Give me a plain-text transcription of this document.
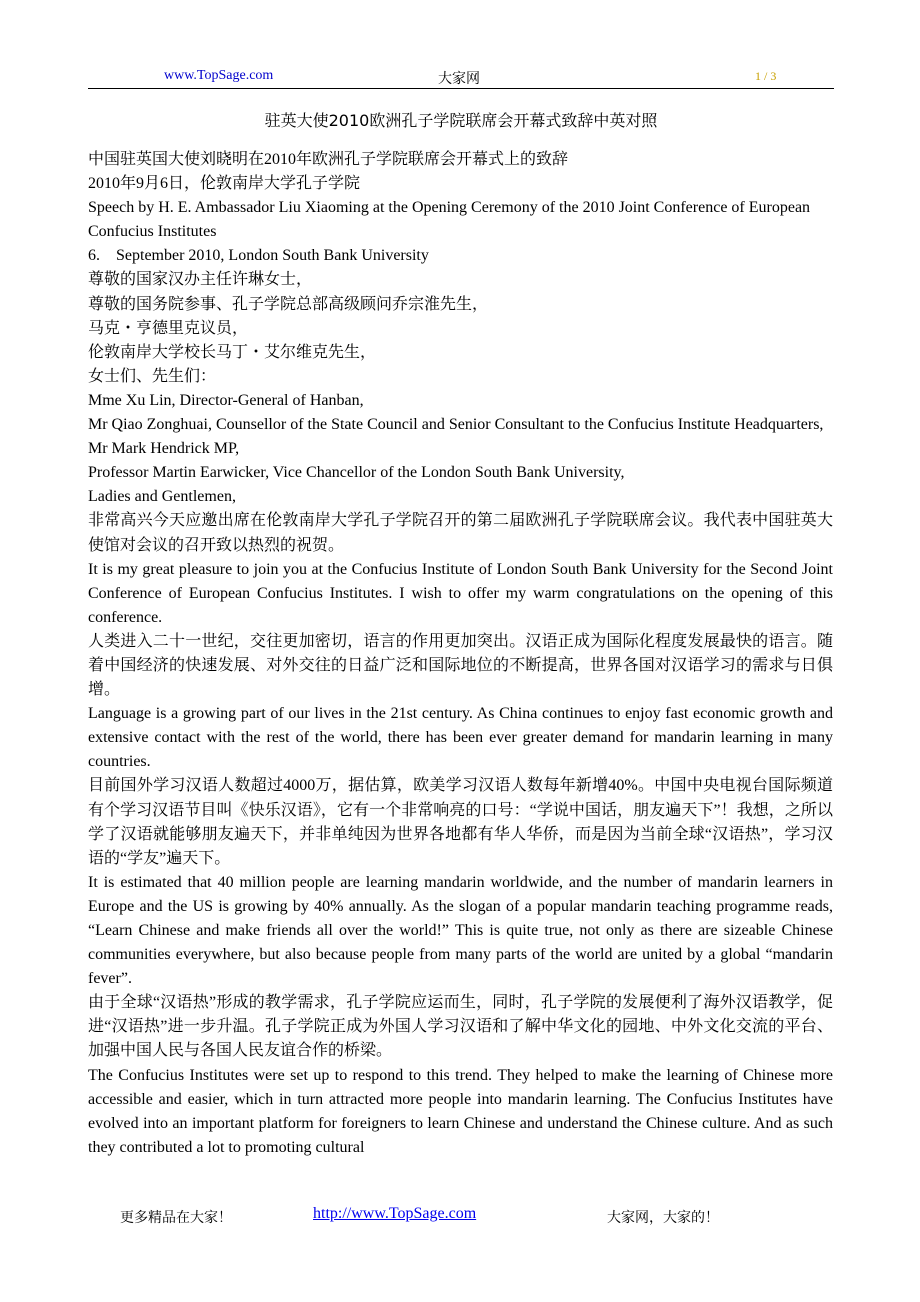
www.TopSage.com	大家网	1 / 3
驻英大使2010欧洲孔子学院联席会开幕式致辞中英对照

中国驻英国大使刘晓明在2010年欧洲孔子学院联席会开幕式上的致辞

2010年9月6日，伦敦南岸大学孔子学院

Speech by H. E. Ambassador Liu Xiaoming at the Opening Ceremony of the 2010 Joint Conference of European Confucius Institutes

6.    September 2010, London South Bank University

尊敬的国家汉办主任许琳女士，

尊敬的国务院参事、孔子学院总部高级顾问乔宗淮先生，

马克・亨德里克议员，

伦敦南岸大学校长马丁・艾尔维克先生，

女士们、先生们：

Mme Xu Lin, Director-General of Hanban,

Mr Qiao Zonghuai, Counsellor of the State Council and Senior Consultant to the Confucius Institute Headquarters,

Mr Mark Hendrick MP,

Professor Martin Earwicker, Vice Chancellor of the London South Bank University,

Ladies and Gentlemen,

非常高兴今天应邀出席在伦敦南岸大学孔子学院召开的第二届欧洲孔子学院联席会议。我代表中国驻英大使馆对会议的召开致以热烈的祝贺。

It is my great pleasure to join you at the Confucius Institute of London South Bank University for the Second Joint Conference of European Confucius Institutes. I wish to offer my warm congratulations on the opening of this conference.

人类进入二十一世纪，交往更加密切，语言的作用更加突出。汉语正成为国际化程度发展最快的语言。随着中国经济的快速发展、对外交往的日益广泛和国际地位的不断提高，世界各国对汉语学习的需求与日俱增。

Language is a growing part of our lives in the 21st century. As China continues to enjoy fast economic growth and extensive contact with the rest of the world, there has been ever greater demand for mandarin learning in many countries.

目前国外学习汉语人数超过4000万，据估算，欧美学习汉语人数每年新增40%。中国中央电视台国际频道有个学习汉语节目叫《快乐汉语》，它有一个非常响亮的口号：“学说中国话，朋友遍天下”！我想，之所以学了汉语就能够朋友遍天下，并非单纯因为世界各地都有华人华侨，而是因为当前全球“汉语热”，学习汉语的“学友”遍天下。

It is estimated that 40 million people are learning mandarin worldwide, and the number of mandarin learners in Europe and the US is growing by 40% annually. As the slogan of a popular mandarin teaching programme reads, “Learn Chinese and make friends all over the world!” This is quite true, not only as there are sizeable Chinese communities everywhere, but also because people from many parts of the world are united by a global “mandarin fever”.

由于全球“汉语热”形成的教学需求，孔子学院应运而生，同时，孔子学院的发展便利了海外汉语教学，促进“汉语热”进一步升温。孔子学院正成为外国人学习汉语和了解中华文化的园地、中外文化交流的平台、加强中国人民与各国人民友谊合作的桥梁。

The Confucius Institutes were set up to respond to this trend. They helped to make the learning of Chinese more accessible and easier, which in turn attracted more people into mandarin learning. The Confucius Institutes have evolved into an important platform for foreigners to learn Chinese and understand the Chinese culture. And as such they contributed a lot to promoting cultural

更多精品在大家！	http://www.TopSage.com	大家网，大家的！
